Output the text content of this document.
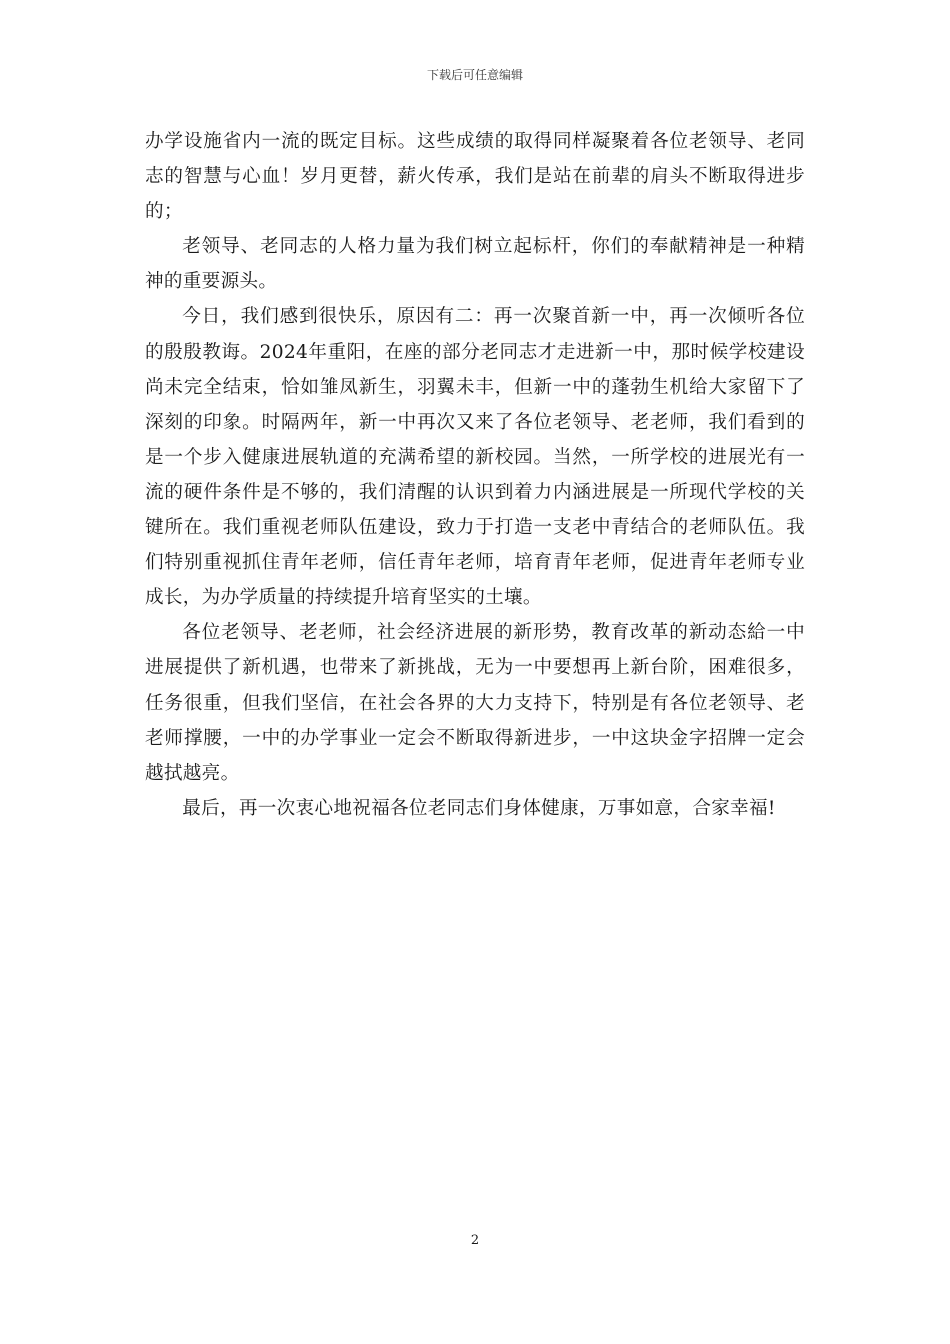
下载后可任意编辑

办学设施省内一流的既定目标。这些成绩的取得同样凝聚着各位老领导、老同志的智慧与心血！岁月更替，薪火传承，我们是站在前辈的肩头不断取得进步的；

老领导、老同志的人格力量为我们树立起标杆，你们的奉献精神是一种精神的重要源头。

今日，我们感到很快乐，原因有二：再一次聚首新一中，再一次倾听各位的殷殷教诲。2024年重阳，在座的部分老同志才走进新一中，那时候学校建设尚未完全结束，恰如雏凤新生，羽翼未丰，但新一中的蓬勃生机给大家留下了深刻的印象。时隔两年，新一中再次又来了各位老领导、老老师，我们看到的是一个步入健康进展轨道的充满希望的新校园。当然，一所学校的进展光有一流的硬件条件是不够的，我们清醒的认识到着力内涵进展是一所现代学校的关键所在。我们重视老师队伍建设，致力于打造一支老中青结合的老师队伍。我们特别重视抓住青年老师，信任青年老师，培育青年老师，促进青年老师专业成长，为办学质量的持续提升培育坚实的土壤。

各位老领导、老老师，社会经济进展的新形势，教育改革的新动态給一中进展提供了新机遇，也带来了新挑战，无为一中要想再上新台阶，困难很多，任务很重，但我们坚信，在社会各界的大力支持下，特别是有各位老领导、老老师撑腰，一中的办学事业一定会不断取得新进步，一中这块金字招牌一定会越拭越亮。

最后，再一次衷心地祝福各位老同志们身体健康，万事如意，合家幸福!

2
